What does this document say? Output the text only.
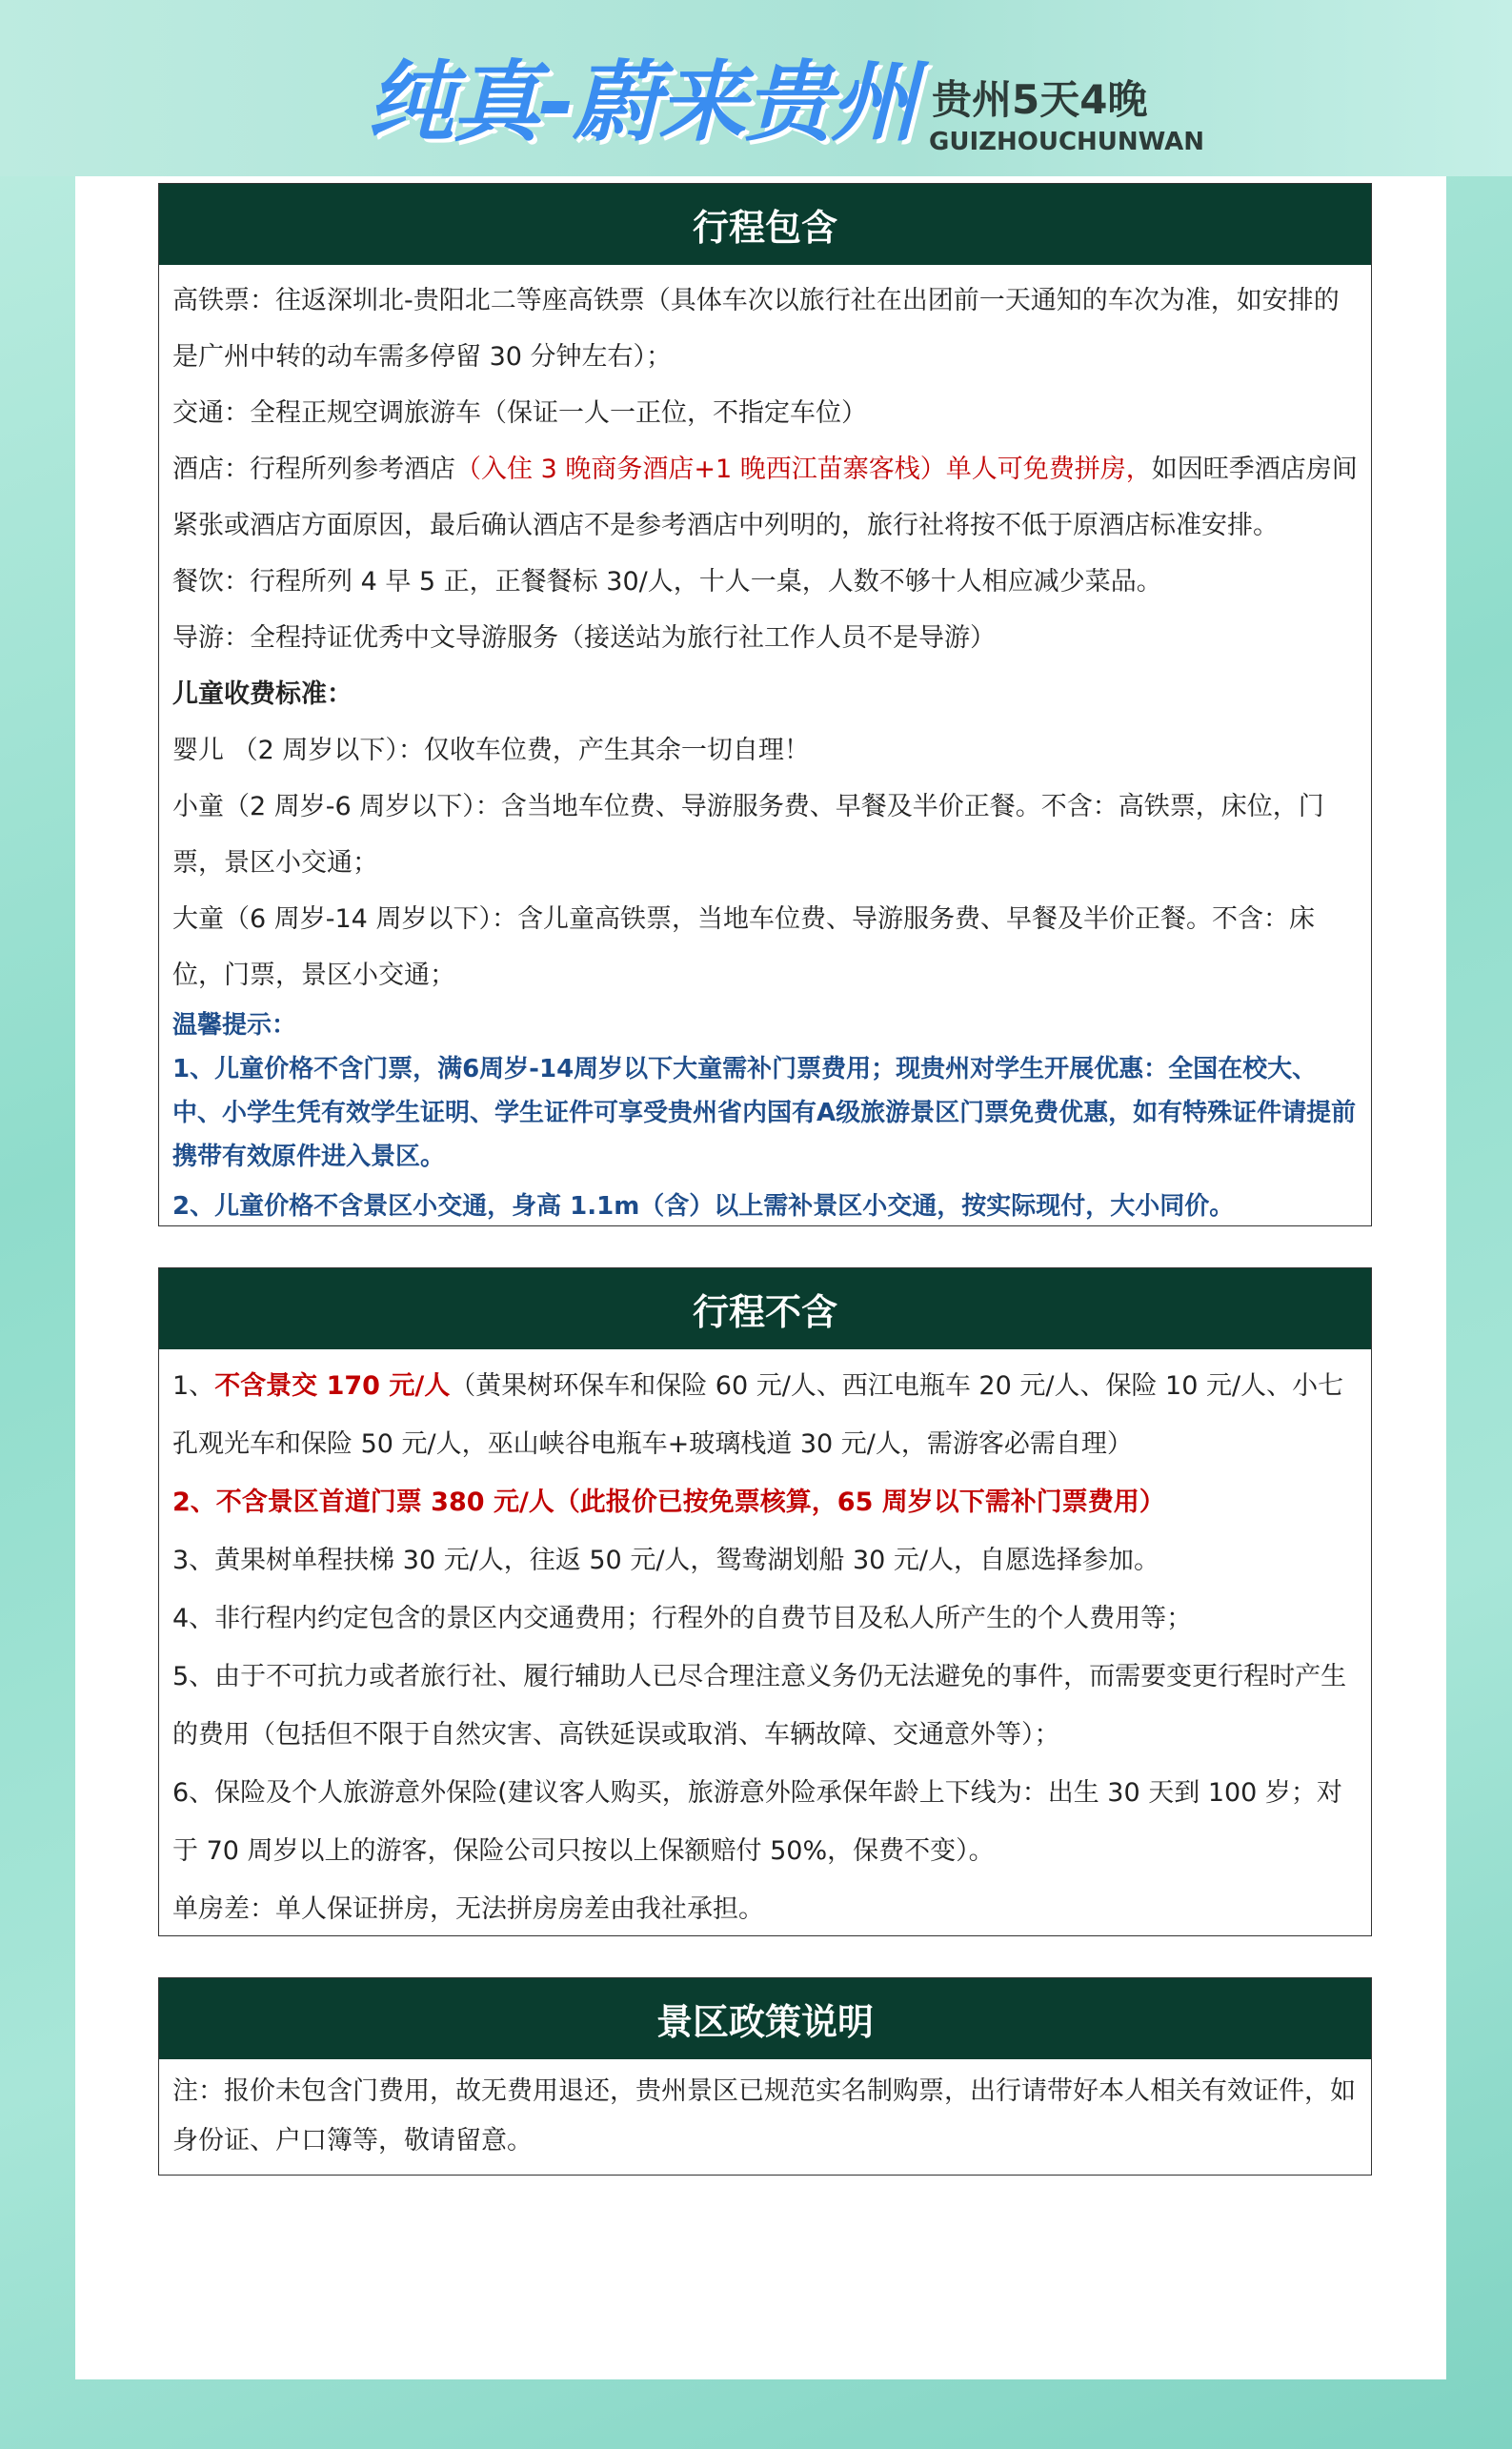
纯真-蔚来贵州 贵州5天4晚
GUIZHOUCHUNWAN
行程包含

高铁票：往返深圳北-贵阳北二等座高铁票（具体车次以旅行社在出团前一天通知的车次为准，如安排的是广州中转的动车需多停留 30 分钟左右）；

交通：全程正规空调旅游车（保证一人一正位，不指定车位）

酒店：行程所列参考酒店（入住 3 晚商务酒店+1 晚西江苗寨客栈）单人可免费拼房，如因旺季酒店房间紧张或酒店方面原因，最后确认酒店不是参考酒店中列明的，旅行社将按不低于原酒店标准安排。

餐饮：行程所列 4 早 5 正，正餐餐标 30/人，十人一桌，人数不够十人相应减少菜品。

导游：全程持证优秀中文导游服务（接送站为旅行社工作人员不是导游）

儿童收费标准：

婴儿 （2 周岁以下）：仅收车位费，产生其余一切自理！

小童（2 周岁-6 周岁以下）：含当地车位费、导游服务费、早餐及半价正餐。不含：高铁票，床位，门票，景区小交通；

大童（6 周岁-14 周岁以下）：含儿童高铁票，当地车位费、导游服务费、早餐及半价正餐。不含：床位，门票，景区小交通；

温馨提示：

1、儿童价格不含门票，满6周岁-14周岁以下大童需补门票费用；现贵州对学生开展优惠：全国在校大、中、小学生凭有效学生证明、学生证件可享受贵州省内国有A级旅游景区门票免费优惠，如有特殊证件请提前携带有效原件进入景区。

2、儿童价格不含景区小交通，身高 1.1m（含）以上需补景区小交通，按实际现付，大小同价。

行程不含

1、不含景交 170 元/人（黄果树环保车和保险 60 元/人、西江电瓶车 20 元/人、保险 10 元/人、小七孔观光车和保险 50 元/人，巫山峡谷电瓶车+玻璃栈道 30 元/人，需游客必需自理）

2、不含景区首道门票 380 元/人（此报价已按免票核算，65 周岁以下需补门票费用）

3、黄果树单程扶梯 30 元/人，往返 50 元/人，鸳鸯湖划船 30 元/人，自愿选择参加。

4、非行程内约定包含的景区内交通费用；行程外的自费节目及私人所产生的个人费用等；

5、由于不可抗力或者旅行社、履行辅助人已尽合理注意义务仍无法避免的事件，而需要变更行程时产生的费用（包括但不限于自然灾害、高铁延误或取消、车辆故障、交通意外等）；

6、保险及个人旅游意外保险(建议客人购买，旅游意外险承保年龄上下线为：出生 30 天到 100 岁；对于 70 周岁以上的游客，保险公司只按以上保额赔付 50%，保费不变）。

单房差：单人保证拼房，无法拼房房差由我社承担。

景区政策说明

注：报价未包含门费用，故无费用退还，贵州景区已规范实名制购票，出行请带好本人相关有效证件，如身份证、户口簿等，敬请留意。
